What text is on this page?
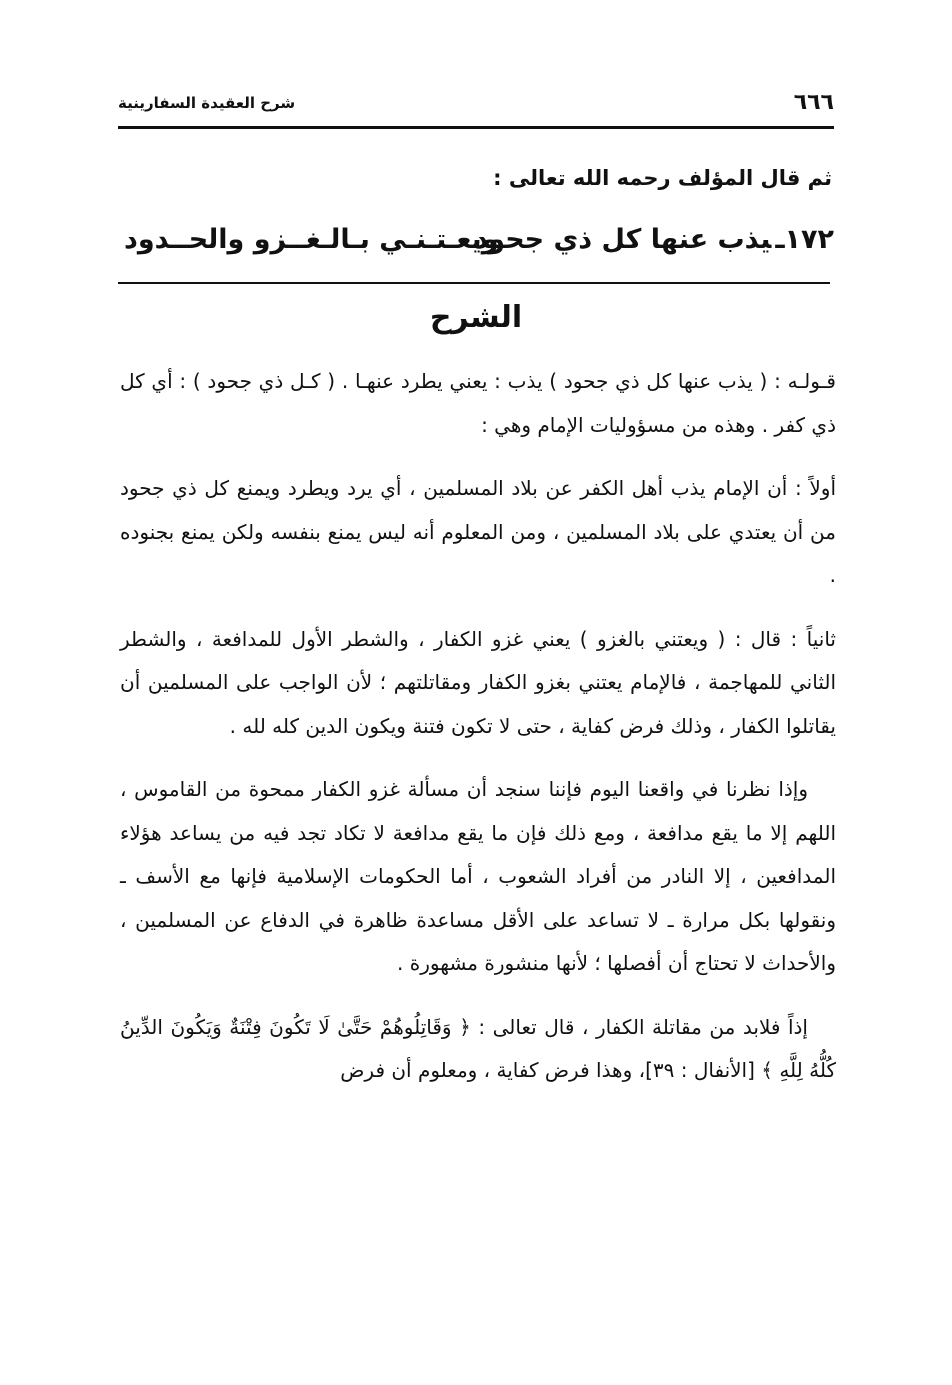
٦٦٦
شرح العقيدة السفارينية
ثم قال المؤلف رحمه الله تعالى :
١٧٢ـيذب عنها كل ذي جحود
ويعـتـنـي بـالـغــزو والحــدود
الشرح

قـولـه : ( يذب عنها كل ذي جحود ) يذب : يعني يطرد عنهـا . ( كـل ذي جحود ) : أي كل ذي كفر . وهذه من مسؤوليات الإمام وهي :

أولاً : أن الإمام يذب أهل الكفر عن بلاد المسلمين ، أي يرد ويطرد ويمنع كل ذي جحود من أن يعتدي على بلاد المسلمين ، ومن المعلوم أنه ليس يمنع بنفسه ولكن يمنع بجنوده .

ثانياً : قال : ( ويعتني بالغزو ) يعني غزو الكفار ، والشطر الأول للمدافعة ، والشطر الثاني للمهاجمة ، فالإمام يعتني بغزو الكفار ومقاتلتهم ؛ لأن الواجب على المسلمين أن يقاتلوا الكفار ، وذلك فرض كفاية ، حتى لا تكون فتنة ويكون الدين كله لله .

وإذا نظرنا في واقعنا اليوم فإننا سنجد أن مسألة غزو الكفار ممحوة من القاموس ، اللهم إلا ما يقع مدافعة ، ومع ذلك فإن ما يقع مدافعة لا تكاد تجد فيه من يساعد هؤلاء المدافعين ، إلا النادر من أفراد الشعوب ، أما الحكومات الإسلامية فإنها مع الأسف ـ ونقولها بكل مرارة ـ لا تساعد على الأقل مساعدة ظاهرة في الدفاع عن المسلمين ، والأحداث لا تحتاج أن أفصلها ؛ لأنها منشورة مشهورة .

إذاً فلابد من مقاتلة الكفار ، قال تعالى : ﴿ وَقَاتِلُوهُمْ حَتَّىٰ لَا تَكُونَ فِتْنَةٌ وَيَكُونَ الدِّينُ كُلُّهُ لِلَّهِ ﴾ [الأنفال : ٣٩]، وهذا فرض كفاية ، ومعلوم أن فرض
